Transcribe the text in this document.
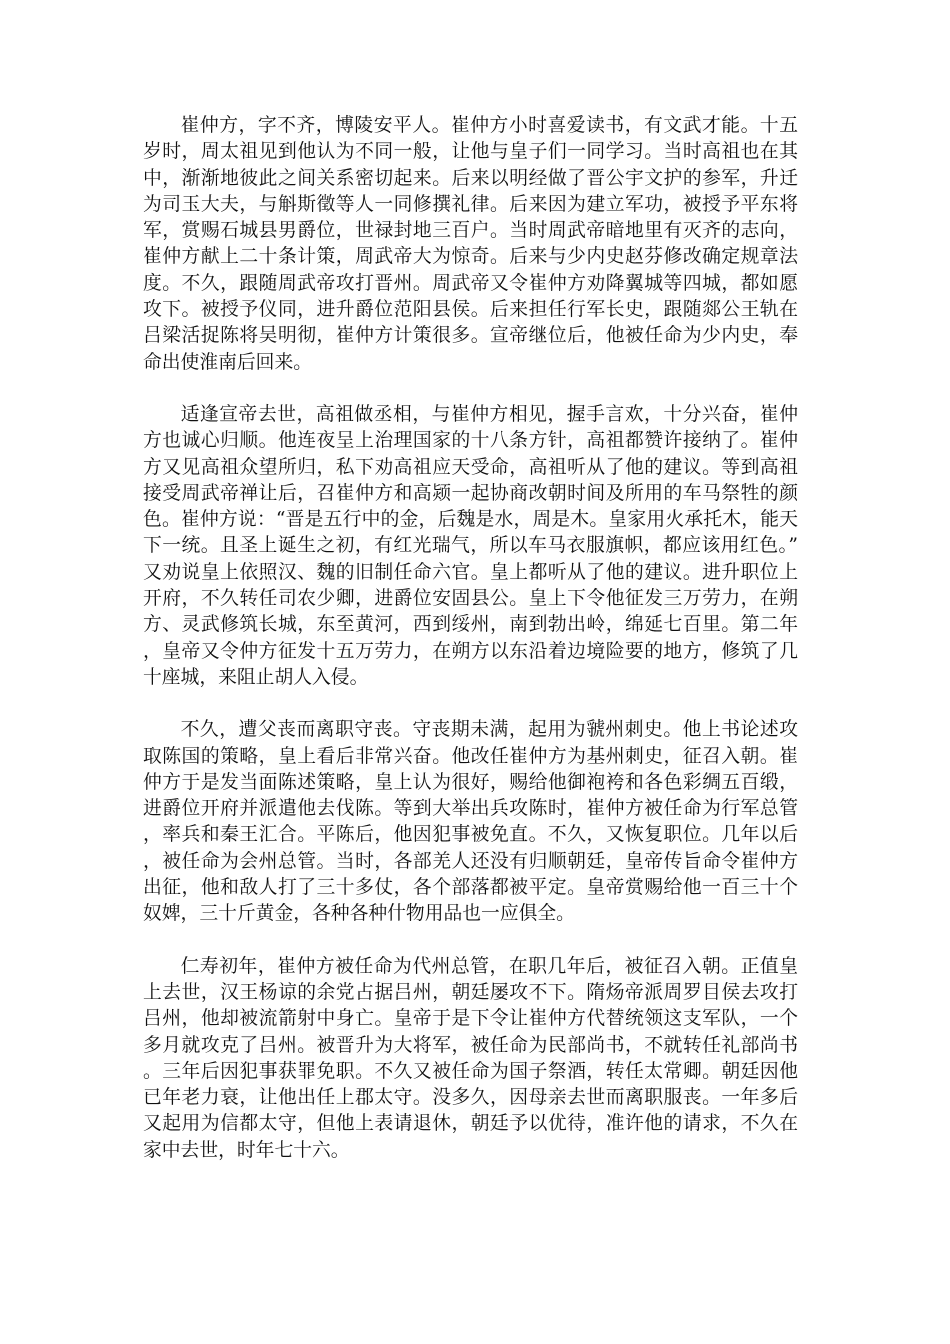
崔仲方，字不齐，博陵安平人。崔仲方小时喜爱读书，有文武才能。十五岁时，周太祖见到他认为不同一般，让他与皇子们一同学习。当时高祖也在其中，渐渐地彼此之间关系密切起来。后来以明经做了晋公宇文护的参军，升迁为司玉大夫，与斛斯徵等人一同修撰礼律。后来因为建立军功，被授予平东将军，赏赐石城县男爵位，世禄封地三百户。当时周武帝暗地里有灭齐的志向，崔仲方献上二十条计策，周武帝大为惊奇。后来与少内史赵芬修改确定规章法度。不久，跟随周武帝攻打晋州。周武帝又令崔仲方劝降翼城等四城，都如愿攻下。被授予仪同，进升爵位范阳县侯。后来担任行军长史，跟随郯公王轨在吕梁活捉陈将吴明彻，崔仲方计策很多。宣帝继位后，他被任命为少内史，奉命出使淮南后回来。

适逢宣帝去世，高祖做丞相，与崔仲方相见，握手言欢，十分兴奋，崔仲方也诚心归顺。他连夜呈上治理国家的十八条方针，高祖都赞许接纳了。崔仲方又见高祖众望所归，私下劝高祖应天受命，高祖听从了他的建议。等到高祖接受周武帝禅让后，召崔仲方和高颎一起协商改朝时间及所用的车马祭牲的颜色。崔仲方说：“晋是五行中的金，后魏是水，周是木。皇家用火承托木，能天下一统。且圣上诞生之初，有红光瑞气，所以车马衣服旗帜，都应该用红色。”又劝说皇上依照汉、魏的旧制任命六官。皇上都听从了他的建议。进升职位上开府，不久转任司农少卿，进爵位安固县公。皇上下令他征发三万劳力，在朔方、灵武修筑长城，东至黄河，西到绥州，南到勃出岭，绵延七百里。第二年，皇帝又令仲方征发十五万劳力，在朔方以东沿着边境险要的地方，修筑了几十座城，来阻止胡人入侵。

不久，遭父丧而离职守丧。守丧期未满，起用为虢州刺史。他上书论述攻取陈国的策略，皇上看后非常兴奋。他改任崔仲方为基州刺史，征召入朝。崔仲方于是发当面陈述策略，皇上认为很好，赐给他御袍袴和各色彩绸五百缎，进爵位开府并派遣他去伐陈。等到大举出兵攻陈时，崔仲方被任命为行军总管，率兵和秦王汇合。平陈后，他因犯事被免直。不久，又恢复职位。几年以后，被任命为会州总管。当时，各部羌人还没有归顺朝廷，皇帝传旨命令崔仲方出征，他和敌人打了三十多仗，各个部落都被平定。皇帝赏赐给他一百三十个奴婢，三十斤黄金，各种各种什物用品也一应俱全。

仁寿初年，崔仲方被任命为代州总管，在职几年后，被征召入朝。正值皇上去世，汉王杨谅的余党占据吕州，朝廷屡攻不下。隋炀帝派周罗目侯去攻打吕州，他却被流箭射中身亡。皇帝于是下令让崔仲方代替统领这支军队，一个多月就攻克了吕州。被晋升为大将军，被任命为民部尚书，不就转任礼部尚书。三年后因犯事获罪免职。不久又被任命为国子祭酒，转任太常卿。朝廷因他已年老力衰，让他出任上郡太守。没多久，因母亲去世而离职服丧。一年多后又起用为信都太守，但他上表请退休，朝廷予以优待，准许他的请求，不久在家中去世，时年七十六。
